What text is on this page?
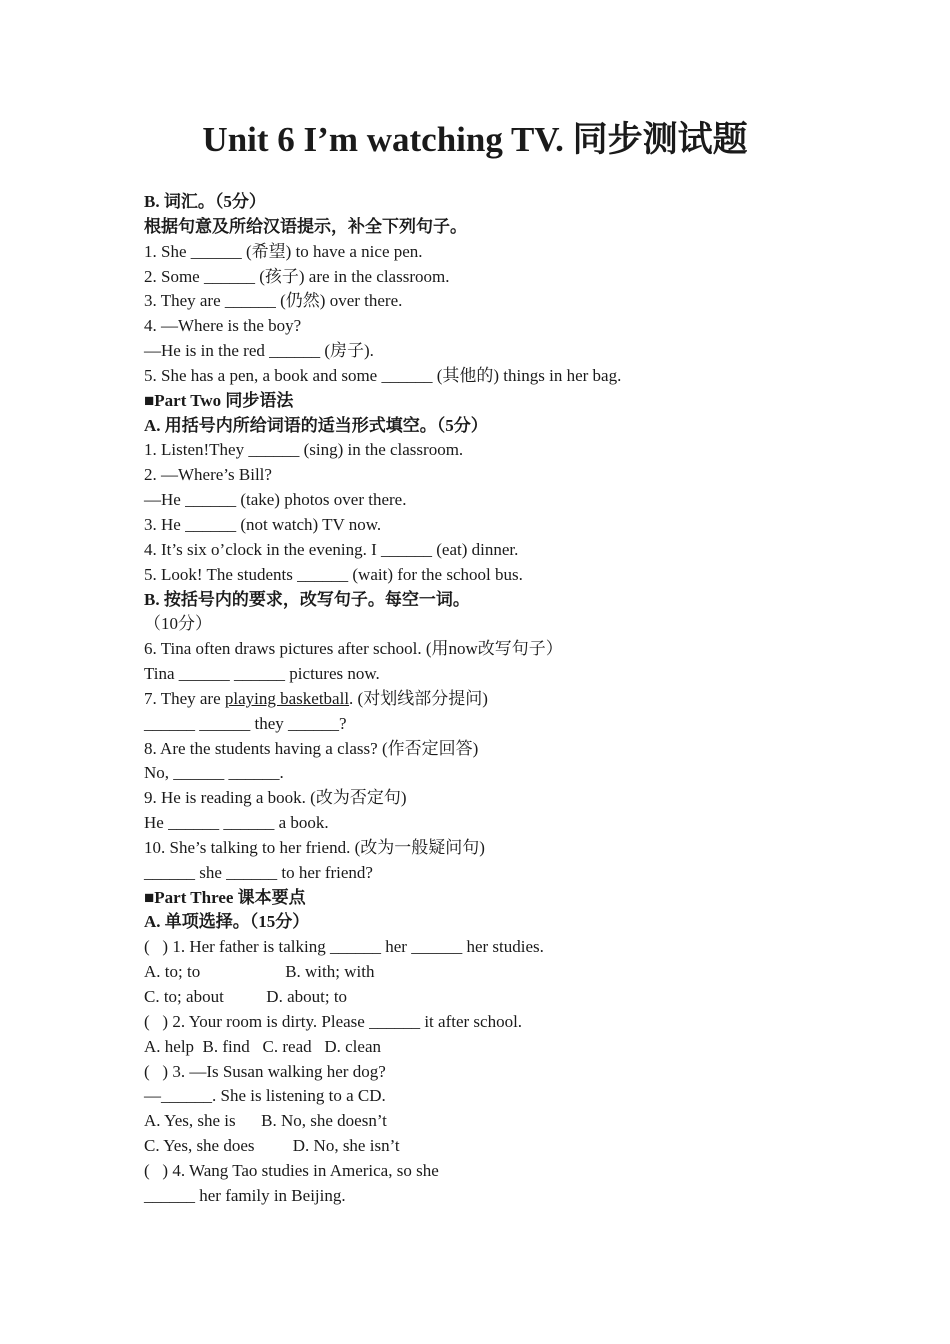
Unit 6 I’m watching TV. 同步测试题
B. 词汇。（5分）
根据句意及所给汉语提示，补全下列句子。
1. She ______ (希望) to have a nice pen.
2. Some ______ (孩子) are in the classroom.
3. They are ______ (仍然) over there.
4. —Where is the boy?
—He is in the red ______ (房子).
5. She has a pen, a book and some ______ (其他的) things in her bag.
■Part Two 同步语法
A. 用括号内所给词语的适当形式填空。（5分）
1. Listen!They ______ (sing) in the classroom.
2. —Where’s Bill?
—He ______ (take) photos over there.
3. He ______ (not watch) TV now.
4. It’s six o’clock in the evening. I ______ (eat) dinner.
5. Look! The students ______ (wait) for the school bus.
B. 按括号内的要求，改写句子。每空一词。
（10分）
6. Tina often draws pictures after school. (用now改写句子）
Tina ______ ______ pictures now.
7. They are playing basketball. (对划线部分提问)
______ ______ they ______?
8. Are the students having a class? (作否定回答)
No, ______ ______.
9. He is reading a book. (改为否定句)
He ______ ______ a book.
10. She’s talking to her friend. (改为一般疑问句)
______ she ______ to her friend?
■Part Three 课本要点
A. 单项选择。（15分）
(   ) 1. Her father is talking ______ her ______ her studies.
A. to; to                    B. with; with
C. to; about          D. about; to
(   ) 2. Your room is dirty. Please ______ it after school.
A. help  B. find   C. read   D. clean
(   ) 3. —Is Susan walking her dog?
—______. She is listening to a CD.
A. Yes, she is      B. No, she doesn’t
C. Yes, she does         D. No, she isn’t
(   ) 4. Wang Tao studies in America, so she
______ her family in Beijing.
